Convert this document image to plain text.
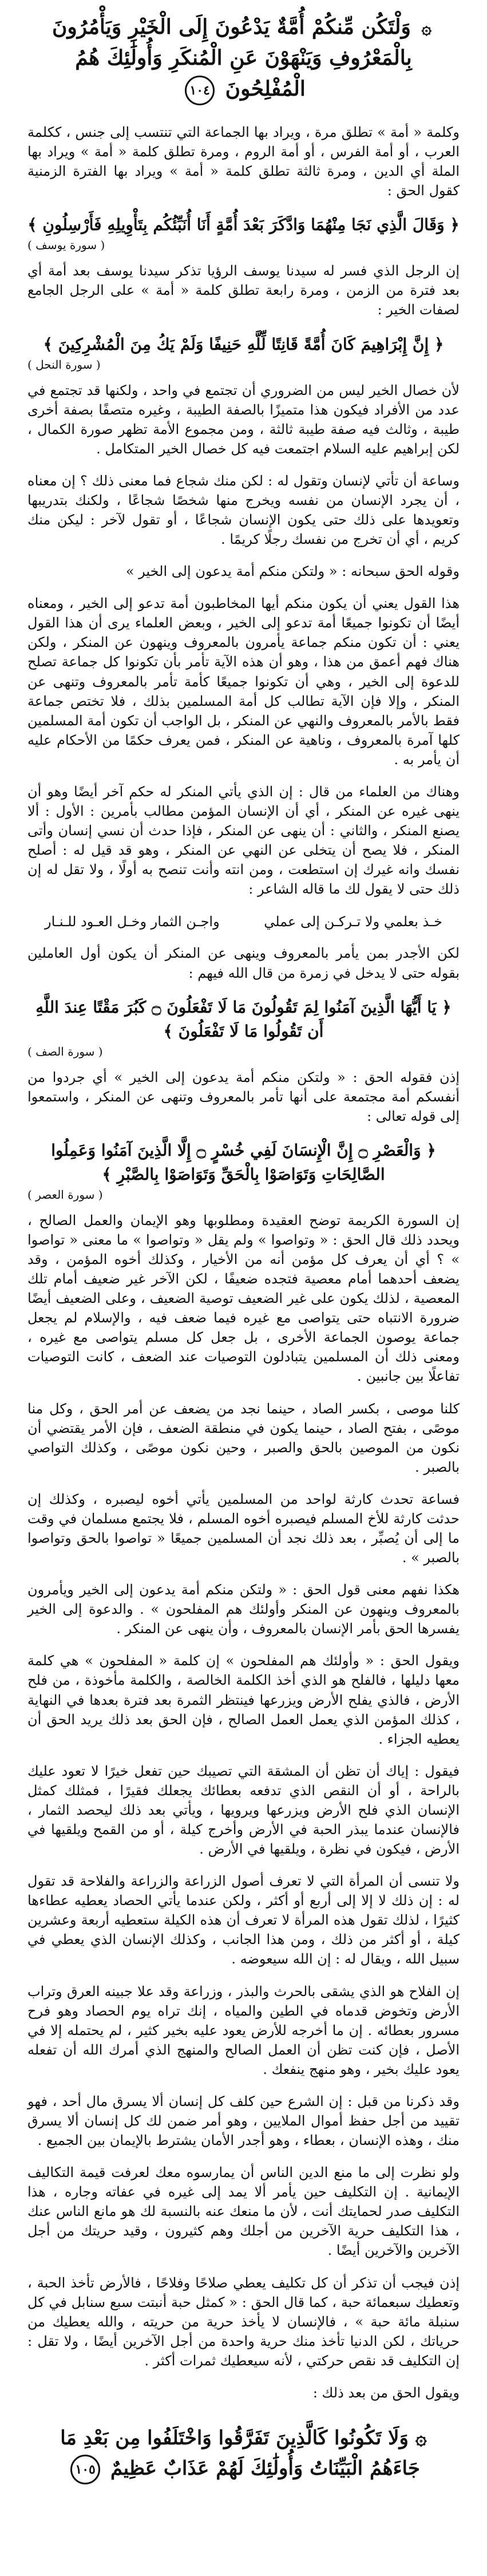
۞ وَلْتَكُن مِّنكُمْ أُمَّةٌ يَدْعُونَ إِلَى الْخَيْرِ وَيَأْمُرُونَ بِالْمَعْرُوفِ وَيَنْهَوْنَ عَنِ الْمُنكَرِ وَأُولَٰئِكَ هُمُ الْمُفْلِحُونَ ١٠٤
وكلمة « أمة » تطلق مرة ، ويراد بها الجماعة التي تنتسب إلى جنس ، ككلمة العرب ، أو أمة الفرس ، أو أمة الروم ، ومرة تطلق كلمة « أمة » ويراد بها الملة أي الدين ، ومرة ثالثة تطلق كلمة « أمة » ويراد بها الفترة الزمنية كقول الحق :
﴿ وَقَالَ الَّذِي نَجَا مِنْهُمَا وَادَّكَرَ بَعْدَ أُمَّةٍ أَنَا أُنَبِّئُكُم بِتَأْوِيلِهِ فَأَرْسِلُونِ ﴾
( سورة يوسف )
إن الرجل الذي فسر له سيدنا يوسف الرؤيا تذكر سيدنا يوسف بعد أمة أي بعد فترة من الزمن ، ومرة رابعة تطلق كلمة « أمة » على الرجل الجامع لصفات الخير :
﴿ إِنَّ إِبْرَاهِيمَ كَانَ أُمَّةً قَانِتًا لِّلَّهِ حَنِيفًا وَلَمْ يَكُ مِنَ الْمُشْرِكِينَ ﴾
( سورة النحل )
لأن خصال الخير ليس من الضروري أن تجتمع في واحد ، ولكنها قد تجتمع في عدد من الأفراد فيكون هذا متميزًا بالصفة الطيبة ، وغيره متصفًا بصفة أخرى طيبة ، وثالث فيه صفة طيبة ثالثة ، ومن مجموع الأمة تظهر صورة الكمال ، لكن إبراهيم عليه السلام اجتمعت فيه كل خصال الخير المتكامل .
وساعة أن تأتي لإنسان وتقول له : لكن منك شجاع فما معنى ذلك ؟ إن معناه ، أن يجرد الإنسان من نفسه ويخرج منها شخصًا شجاعًا ، ولكنك بتدريبها وتعويدها على ذلك حتى يكون الإنسان شجاعًا ، أو تقول لآخر : ليكن منك كريم ، أي أن تخرج من نفسك رجلًا كريمًا .
وقوله الحق سبحانه : « ولتكن منكم أمة يدعون إلى الخير »
هذا القول يعني أن يكون منكم أيها المخاطبون أمة تدعو إلى الخير ، ومعناه أيضًا أن تكونوا جميعًا أمة تدعو إلى الخير ، وبعض العلماء يرى أن هذا القول يعني : أن تكون منكم جماعة يأمرون بالمعروف وينهون عن المنكر ، ولكن هناك فهم أعمق من هذا ، وهو أن هذه الآية تأمر بأن تكونوا كل جماعة تصلح للدعوة إلى الخير ، وهي أن تكونوا جميعًا كأمة تأمر بالمعروف وتنهى عن المنكر ، وإلا فإن الآية تطالب كل أمة المسلمين بذلك ، فلا تختص جماعة فقط بالأمر بالمعروف والنهي عن المنكر ، بل الواجب أن تكون أمة المسلمين كلها آمرة بالمعروف ، وناهية عن المنكر ، فمن يعرف حكمًا من الأحكام عليه أن يأمر به .
وهناك من العلماء من قال : إن الذي يأتي المنكر له حكم آخر أيضًا وهو أن ينهى غيره عن المنكر ، أي أن الإنسان المؤمن مطالب بأمرين : الأول : ألا يصنع المنكر ، والثاني : أن ينهى عن المنكر ، فإذا حدث أن نسي إنسان وأتى المنكر ، فلا يصح أن يتخلى عن النهي عن المنكر ، وهو قد قيل له : أصلح نفسك وانه غيرك إن استطعت ، ومن انته وأنت تنصح به أولًا ، ولا تقل له إن ذلك حتى لا يقول لك ما قاله الشاعر :
خـذ بعلمي ولا تـركـن إلى عملي
واجـن الثمار وخـل العـود للـنـار
لكن الأجدر بمن يأمر بالمعروف وينهى عن المنكر أن يكون أول العاملين بقوله حتى لا يدخل في زمرة من قال الله فيهم :
﴿ يَا أَيُّهَا الَّذِينَ آمَنُوا لِمَ تَقُولُونَ مَا لَا تَفْعَلُونَ ۝ كَبُرَ مَقْتًا عِندَ اللَّهِ أَن تَقُولُوا مَا لَا تَفْعَلُونَ ﴾
( سورة الصف )
إذن فقوله الحق : « ولتكن منكم أمة يدعون إلى الخير » أي جردوا من أنفسكم أمة مجتمعة على أنها تأمر بالمعروف وتنهى عن المنكر ، واستمعوا إلى قوله تعالى :
﴿ وَالْعَصْرِ ۝ إِنَّ الْإِنسَانَ لَفِي خُسْرٍ ۝ إِلَّا الَّذِينَ آمَنُوا وَعَمِلُوا الصَّالِحَاتِ وَتَوَاصَوْا بِالْحَقِّ وَتَوَاصَوْا بِالصَّبْرِ ﴾
( سورة العصر )
إن السورة الكريمة توضح العقيدة ومطلوبها وهو الإيمان والعمل الصالح ، ويحدد ذلك قال الحق : « وتواصوا » ولم يقل « وتواصوا » ما معنى « تواصوا » ؟ أي أن يعرف كل مؤمن أنه من الأخيار ، وكذلك أخوه المؤمن ، وقد يضعف أحدهما أمام معصية فتجده ضعيفًا ، لكن الآخر غير ضعيف أمام تلك المعصية ، لذلك يكون على غير الضعيف توصية الضعيف ، وعلى الضعيف أيضًا ضرورة الانتباه حتى يتواصى مع غيره فيما ضعف فيه ، والإسلام لم يجعل جماعة يوصون الجماعة الأخرى ، بل جعل كل مسلم يتواصى مع غيره ، ومعنى ذلك أن المسلمين يتبادلون التوصيات عند الضعف ، كانت التوصيات تفاعلًا بين جانبين .
كلنا موصى ، بكسر الصاد ، حينما نجد من يضعف عن أمر الحق ، وكل منا موصًى ، بفتح الصاد ، حينما يكون في منطقة الضعف ، فإن الأمر يقتضي أن نكون من الموصين بالحق والصبر ، وحين نكون موصًى ، وكذلك التواصي بالصبر .
فساعة تحدث كارثة لواحد من المسلمين يأتي أخوه ليصبره ، وكذلك إن حدثت كارثة للأخ المسلم فيصبره أخوه المسلم ، فلا يجتمع مسلمان في وقت ما إلى أن يُصبِّر ، بعد ذلك نجد أن المسلمين جميعًا « تواصوا بالحق وتواصوا بالصبر » .
هكذا نفهم معنى قول الحق : « ولتكن منكم أمة يدعون إلى الخير ويأمرون بالمعروف وينهون عن المنكر وأولئك هم المفلحون » . والدعوة إلى الخير يفسرها الحق بأمر الإنسان بالمعروف ، وأن ينهى عن المنكر .
ويقول الحق : « وأولئك هم المفلحون » إن كلمة « المفلحون » هي كلمة معها دليلها ، فالفلح هو الذي أخذ الكلمة الخالصة ، والكلمة مأخوذة ، من فلح الأرض ، فالذي يفلح الأرض ويزرعها فينتظر الثمرة بعد فترة بعدها في النهاية ، كذلك المؤمن الذي يعمل العمل الصالح ، فإن الحق بعد ذلك يريد الحق أن يعطيه الجزاء .
فيقول : إياك أن تظن أن المشقة التي تصيبك حين تفعل خيرًا لا تعود عليك بالراحة ، أو أن النقص الذي تدفعه بعطائك يجعلك فقيرًا ، فمثلك كمثل الإنسان الذي فلح الأرض ويزرعها ويرويها ، ويأتي بعد ذلك ليحصد الثمار ، فالإنسان عندما يبذر الحبة في الأرض وأخرج كيلة ، أو من القمح ويلقيها في الأرض ، فيكون في نظرة ، ويلقيها في الأرض .
ولا تنسى أن المرأة التي لا تعرف أصول الزراعة والزراعة والفلاحة قد تقول له : إن ذلك لا إلا إلى أربع أو أكثر ، ولكن عندما يأتي الحصاد يعطيه عطاءها كثيرًا ، لذلك تقول هذه المرأة لا تعرف أن هذه الكيلة ستعطيه أربعة وعشرين كيلة ، أو أكثر من ذلك ، ومن هذا الجانب ، وكذلك الإنسان الذي يعطي في سبيل الله ، ويقال له : إن الله سيعوضه .
إن الفلاح هو الذي يشقى بالحرث والبذر ، وزراعة وقد علا جبينه العرق وتراب الأرض وتخوض قدماه في الطين والمياه ، إنك تراه يوم الحصاد وهو فرح مسرور بعطائه . إن ما أخرجه للأرض يعود عليه بخير كثير ، لم يحتمله إلا في الأصل ، فإن كنت تظن أن العمل الصالح والمنهج الذي أمرك الله أن تفعله يعود عليك بخير ، وهو منهج ينفعك .
وقد ذكرنا من قبل : إن الشرع حين كلف كل إنسان ألا يسرق مال أحد ، فهو تقييد من أجل حفظ أموال الملايين ، وهو أمر ضمن لك كل إنسان ألا يسرق منك ، وهذه الإنسان ، بعطاء ، وهو أجدر الأمان يشترط بالإيمان بين الجميع .
ولو نظرت إلى ما منع الدين الناس أن يمارسوه معك لعرفت قيمة التكاليف الإيمانية . إن التكليف حين يأمر ألا يمد إلى غيره في عفاته وجاره ، هذا التكليف صدر لحمايتك أنت ، لأن ما منعك عنه بالنسبة لك هو مانع الناس عنك ، هذا التكليف حرية الآخرين من أجلك وهم كثيرون ، وقيد حريتك من أجل الآخرين والآخرين أيضًا .
إذن فيجب أن تذكر أن كل تكليف يعطي صلاحًا وفلاحًا ، فالأرض تأخذ الحبة ، وتعطيك سبعمائة حبة ، كما قال الحق : « كمثل حبة أنبتت سبع سنابل في كل سنبلة مائة حبة » ، فالإنسان لا يأخذ حرية من حريته ، والله يعطيك من حرياتك ، لكن الدنيا تأخذ منك حرية واحدة من أجل الآخرين أيضًا ، ولا تقل : إن التكليف قد نقص حركتي ، لأنه سيعطيك ثمرات أكثر .
ويقول الحق من بعد ذلك :
۞ وَلَا تَكُونُوا كَالَّذِينَ تَفَرَّقُوا وَاخْتَلَفُوا مِن بَعْدِ مَا جَاءَهُمُ الْبَيِّنَاتُ وَأُولَٰئِكَ لَهُمْ عَذَابٌ عَظِيمٌ ١٠٥
